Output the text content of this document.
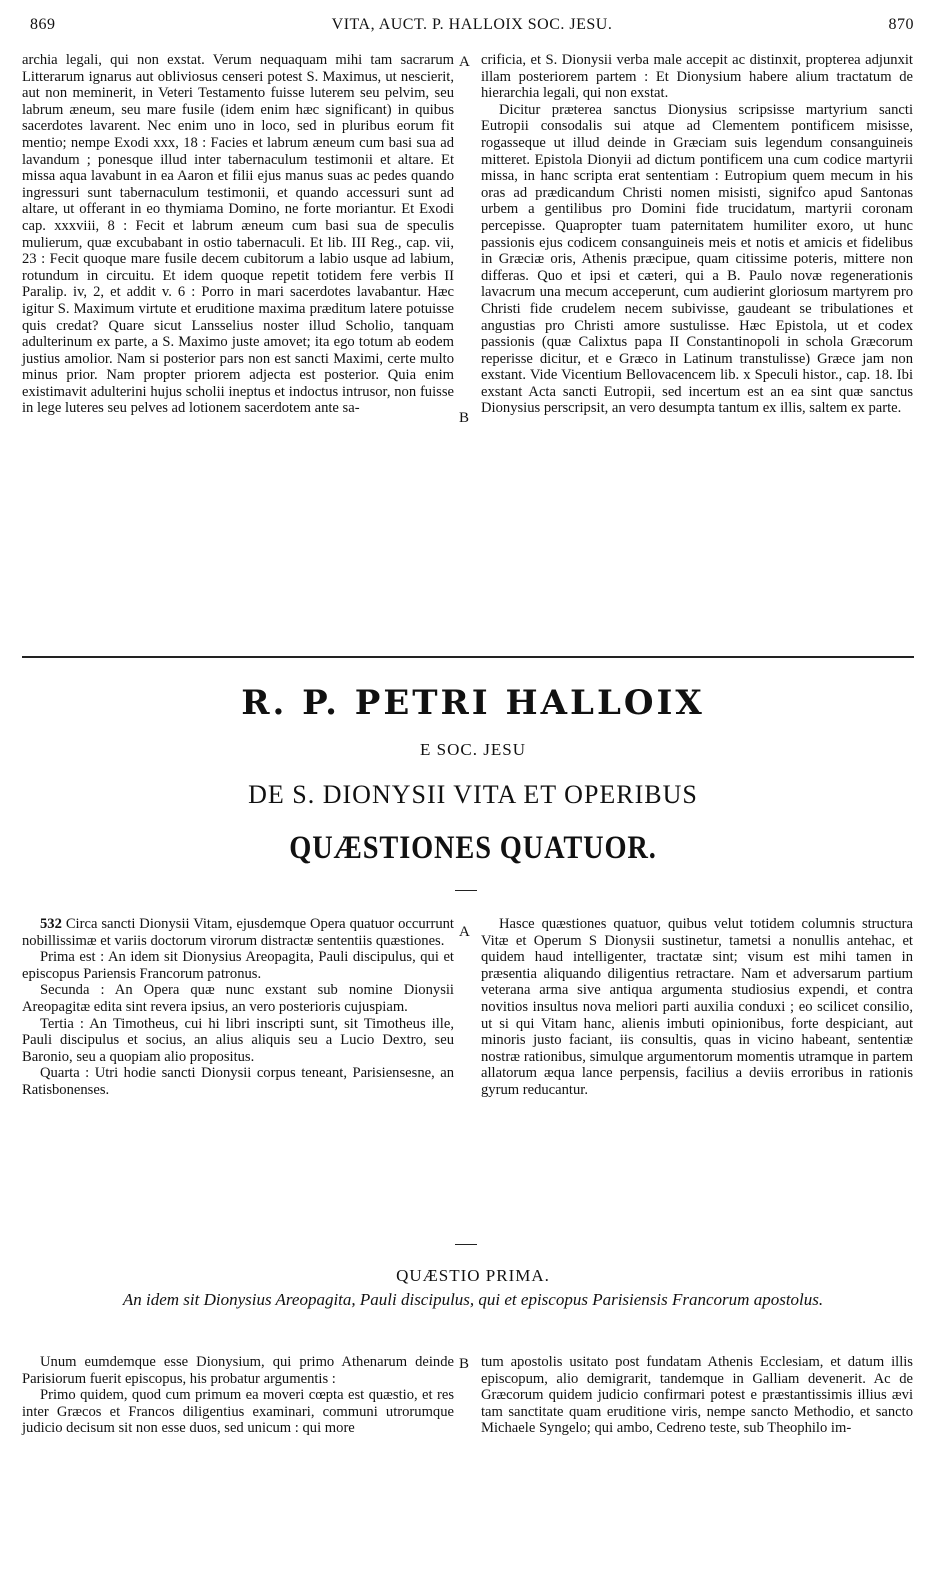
869	VITA, AUCT. P. HALLOIX SOC. JESU.	870

archia legali, qui non exstat. Verum nequaquam mihi tam sacrarum Litterarum ignarus aut obliviosus censeri potest S. Maximus, ut nescierit, aut non meminerit, in Veteri Testamento fuisse luterem seu pelvim, seu labrum æneum, seu mare fusile (idem enim hæc significant) in quibus sacerdotes lavarent. Nec enim uno in loco, sed in pluribus eorum fit mentio; nempe Exodi xxx, 18 : Facies et labrum æneum cum basi sua ad lavandum ; ponesque illud inter tabernaculum testimonii et altare. Et missa aqua lavabunt in ea Aaron et filii ejus manus suas ac pedes quando ingressuri sunt tabernaculum testimonii, et quando accessuri sunt ad altare, ut offerant in eo thymiama Domino, ne forte moriantur. Et Exodi cap. xxxviii, 8 : Fecit et labrum æneum cum basi sua de speculis mulierum, quæ excubabant in ostio tabernaculi. Et lib. III Reg., cap. vii, 23 : Fecit quoque mare fusile decem cubitorum a labio usque ad labium, rotundum in circuitu. Et idem quoque repetit totidem fere verbis II Paralip. iv, 2, et addit v. 6 : Porro in mari sacerdotes lavabantur. Hæc igitur S. Maximum virtute et eruditione maxima præditum latere potuisse quis credat? Quare sicut Lansselius noster illud Scholio, tanquam adulterinum ex parte, a S. Maximo juste amovet; ita ego totum ab eodem justius amolior. Nam si posterior pars non est sancti Maximi, certe multo minus prior. Nam propter priorem adjecta est posterior. Quia enim existimavit adulterini hujus scholii ineptus et indoctus intrusor, non fuisse in lege luteres seu pelves ad lotionem sacerdotem ante sa-

A
B

crificia, et S. Dionysii verba male accepit ac distinxit, propterea adjunxit illam posteriorem partem : Et Dionysium habere alium tractatum de hierarchia legali, qui non exstat.

Dicitur præterea sanctus Dionysius scripsisse martyrium sancti Eutropii consodalis sui atque ad Clementem pontificem misisse, rogasseque ut illud deinde in Græciam suis legendum consanguineis mitteret. Epistola Dionyii ad dictum pontificem una cum codice martyrii missa, in hanc scripta erat sententiam : Eutropium quem mecum in his oras ad prædicandum Christi nomen misisti, signifco apud Santonas urbem a gentilibus pro Domini fide trucidatum, martyrii coronam percepisse. Quapropter tuam paternitatem humiliter exoro, ut hunc passionis ejus codicem consanguineis meis et notis et amicis et fidelibus in Græciæ oris, Athenis præcipue, quam citissime poteris, mittere non differas. Quo et ipsi et cæteri, qui a B. Paulo novæ regenerationis lavacrum una mecum acceperunt, cum audierint gloriosum martyrem pro Christi fide crudelem necem subivisse, gaudeant se tribulationes et angustias pro Christi amore sustulisse. Hæc Epistola, ut et codex passionis (quæ Calixtus papa II Constantinopoli in schola Græcorum reperisse dicitur, et e Græco in Latinum transtulisse) Græce jam non exstant. Vide Vicentium Bellovacencem lib. x Speculi histor., cap. 18. Ibi exstant Acta sancti Eutropii, sed incertum est an ea sint quæ sanctus Dionysius perscripsit, an vero desumpta tantum ex illis, saltem ex parte.

R. P. PETRI HALLOIX
E SOC. JESU
DE S. DIONYSII VITA ET OPERIBUS
QUÆSTIONES QUATUOR.

532 Circa sancti Dionysii Vitam, ejusdemque Opera quatuor occurrunt nobillissimæ et variis doctorum virorum distractæ sententiis quæstiones.

Prima est : An idem sit Dionysius Areopagita, Pauli discipulus, qui et episcopus Pariensis Francorum patronus.

Secunda : An Opera quæ nunc exstant sub nomine Dionysii Areopagitæ edita sint revera ipsius, an vero posterioris cujuspiam.

Tertia : An Timotheus, cui hi libri inscripti sunt, sit Timotheus ille, Pauli discipulus et socius, an alius aliquis seu a Lucio Dextro, seu Baronio, seu a quopiam alio propositus.

Quarta : Utri hodie sancti Dionysii corpus teneant, Parisiensesne, an Ratisbonenses.

A	Hasce quæstiones quatuor, quibus velut totidem columnis structura Vitæ et Operum S Dionysii sustinetur, tametsi a nonullis antehac, et quidem haud intelligenter, tractatæ sint; visum est mihi tamen in præsentia aliquando diligentius retractare. Nam et adversarum partium veterana arma sive antiqua argumenta studiosius expendi, et contra novitios insultus nova meliori parti auxilia conduxi ; eo scilicet consilio, ut si qui Vitam hanc, alienis imbuti opinionibus, forte despiciant, aut minoris justo faciant, iis consultis, quas in vicino habeant, sententiæ nostræ rationibus, simulque argumentorum momentis utramque in partem allatorum æqua lance perpensis, facilius a deviis erroribus in rationis gyrum reducantur.

QUÆSTIO PRIMA.
An idem sit Dionysius Areopagita, Pauli discipulus, qui et episcopus Parisiensis Francorum apostolus.

Unum eumdemque esse Dionysium, qui primo Athenarum deinde Parisiorum fuerit episcopus, his probatur argumentis :

Primo quidem, quod cum primum ea moveri cœpta est quæstio, et res inter Græcos et Francos diligentius examinari, communi utrorumque judicio decisum sit non esse duos, sed unicum : qui more

B tum apostolis usitato post fundatam Athenis Ecclesiam, et datum illis episcopum, alio demigrarit, tandemque in Galliam devenerit. Ac de Græcorum quidem judicio confirmari potest e præstantissimis illius ævi tam sanctitate quam eruditione viris, nempe sancto Methodio, et sancto Michaele Syngelo; qui ambo, Cedreno teste, sub Theophilo im-
